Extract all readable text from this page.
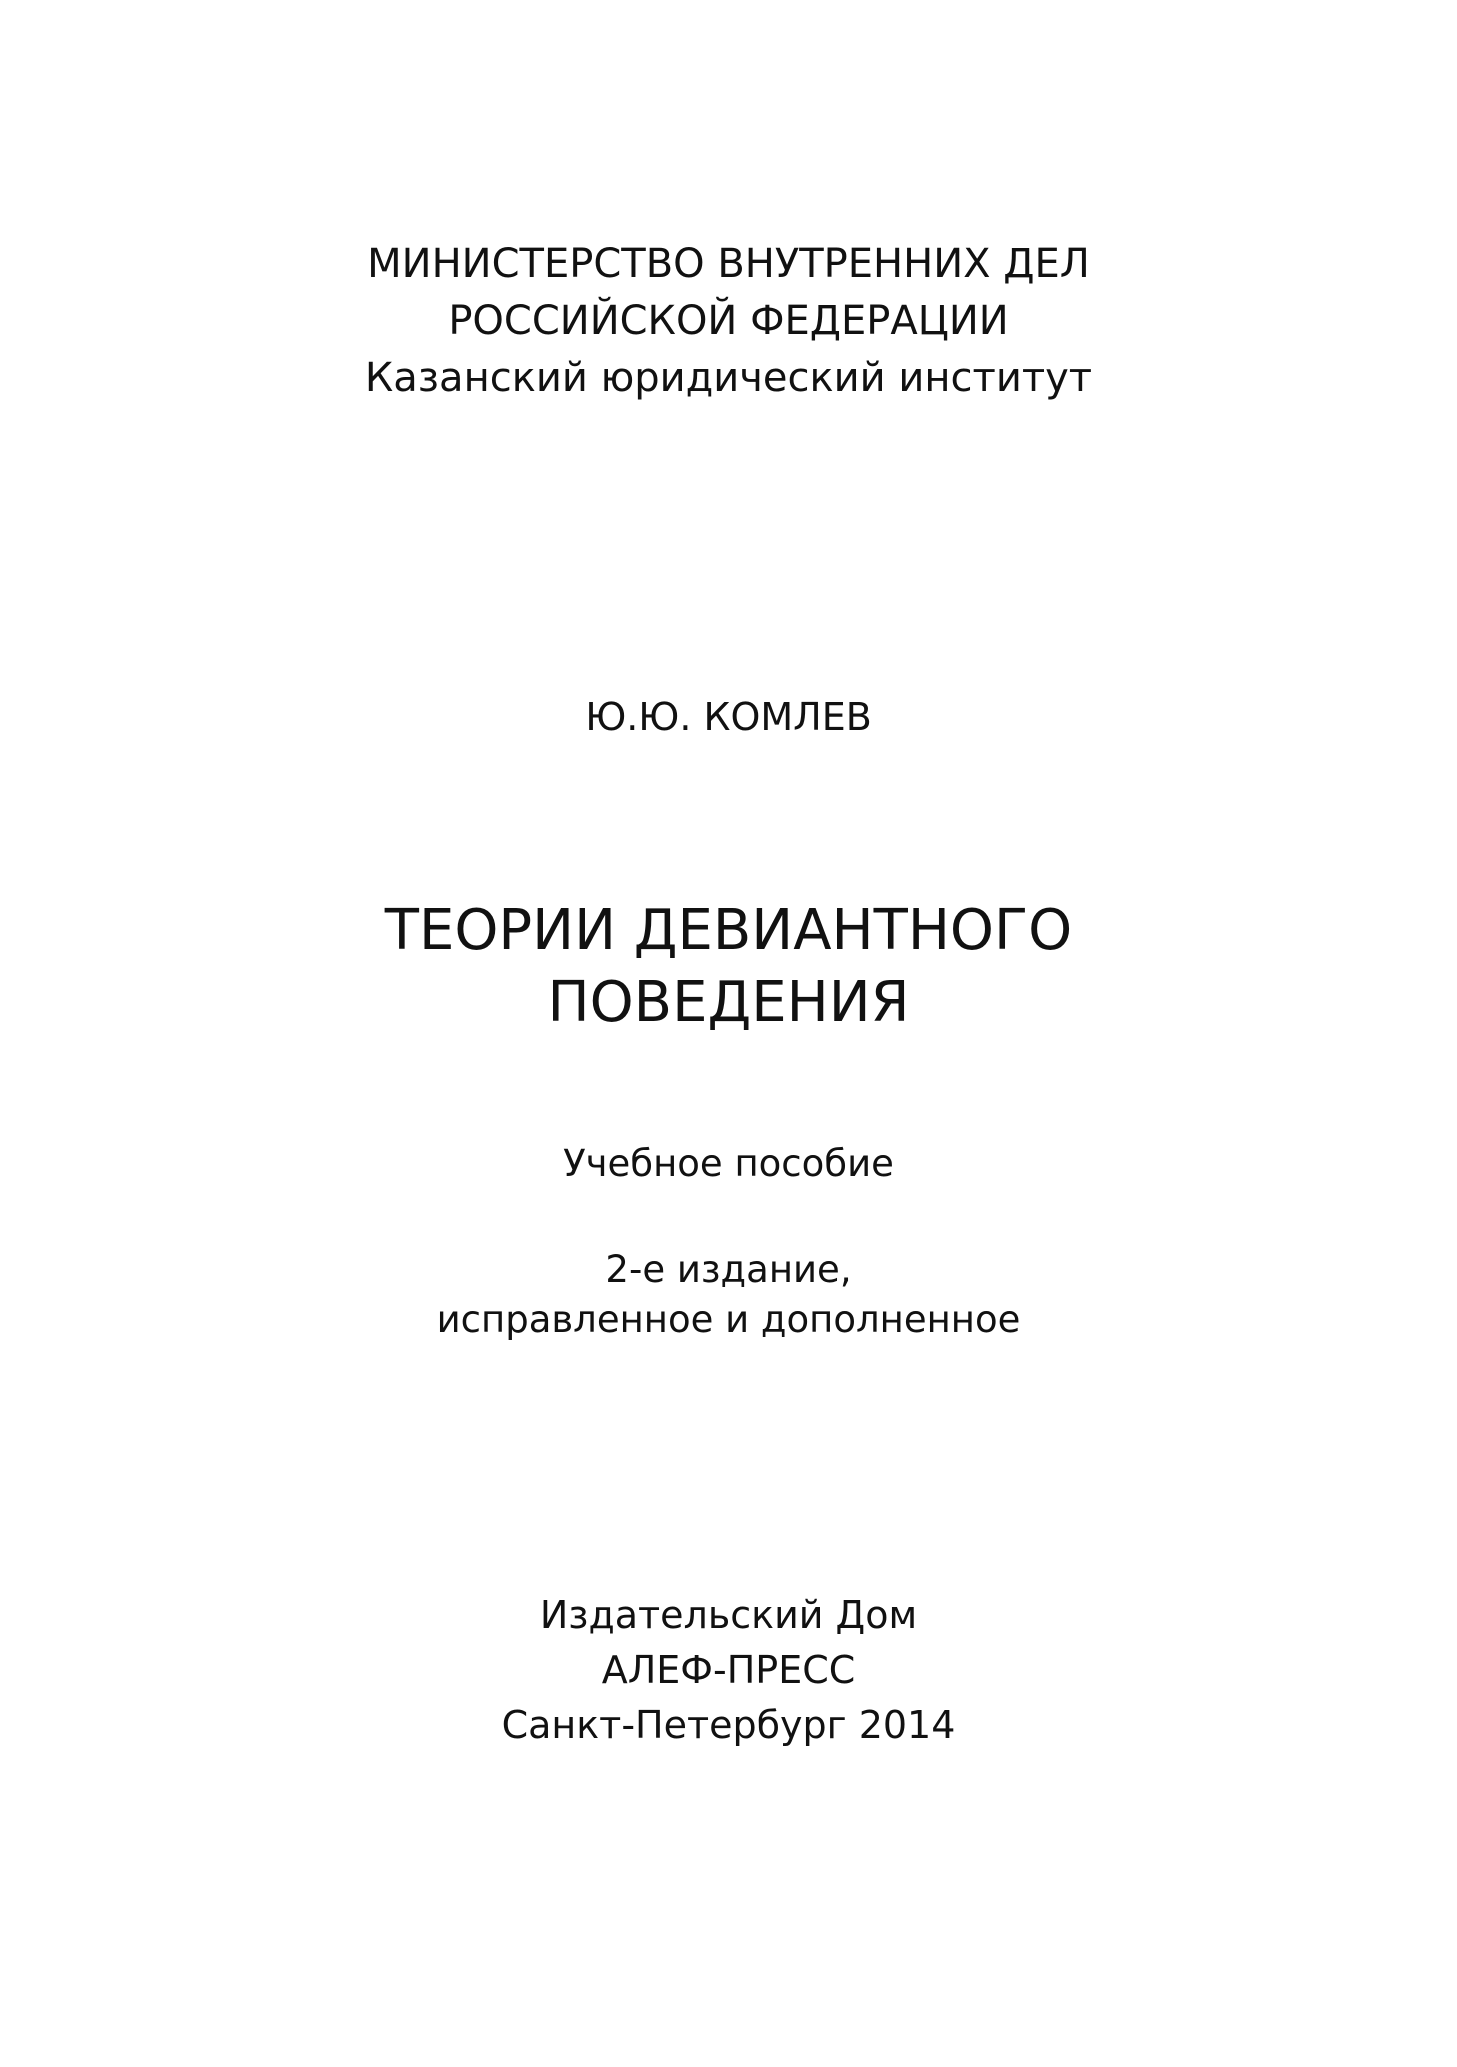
МИНИСТЕРСТВО ВНУТРЕННИХ ДЕЛ
РОССИЙСКОЙ ФЕДЕРАЦИИ
Казанский юридический институт
Ю.Ю. КОМЛЕВ
ТЕОРИИ ДЕВИАНТНОГО
ПОВЕДЕНИЯ
Учебное пособие
2-е издание,
исправленное и дополненное
Издательский Дом
АЛЕФ-ПРЕСС
Санкт-Петербург 2014
